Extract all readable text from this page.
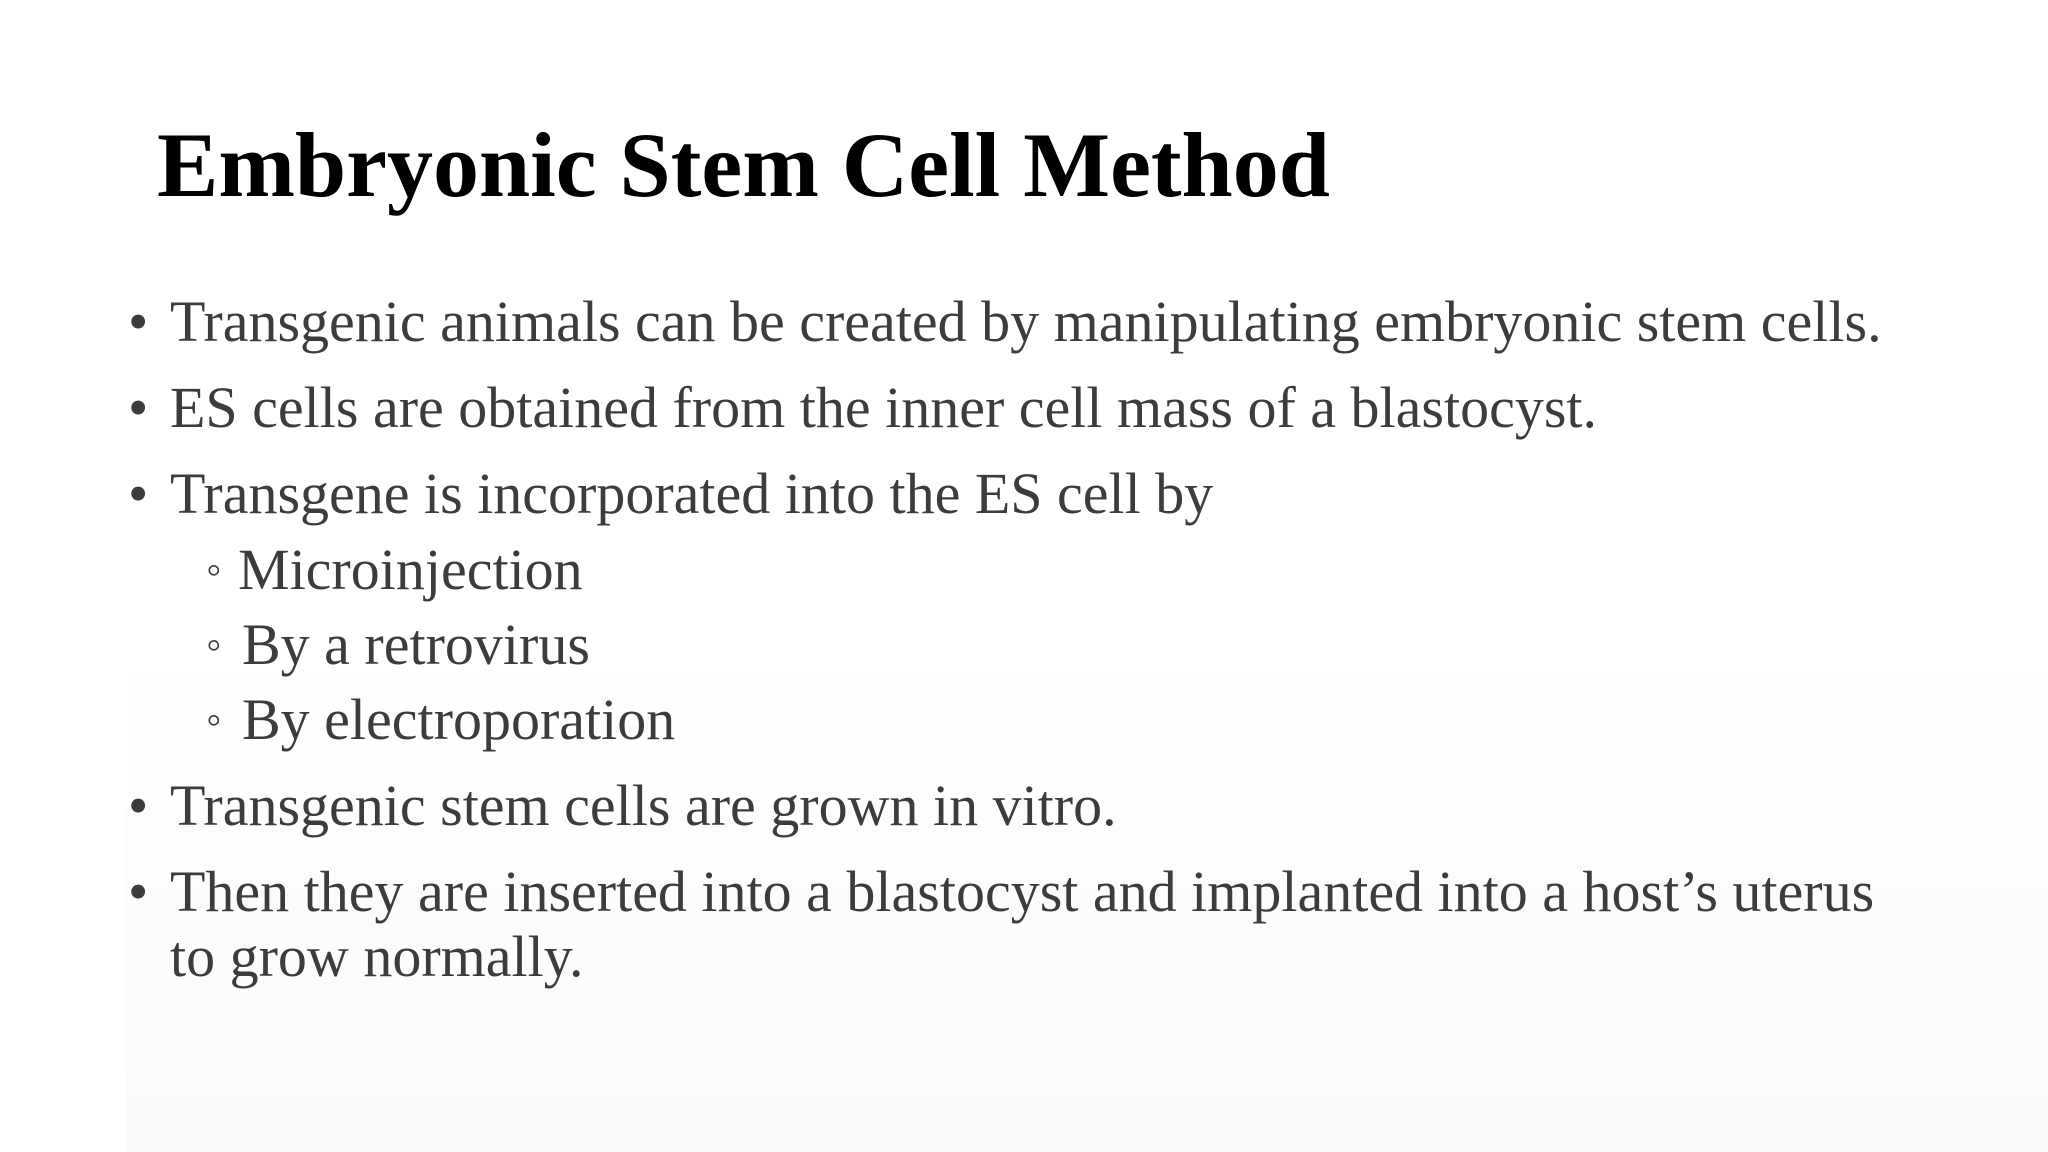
Embryonic Stem Cell Method
• Transgenic animals can be created by manipulating embryonic stem cells.
• ES cells are obtained from the inner cell mass of a blastocyst.
• Transgene is incorporated into the ES cell by
◦ Microinjection
◦ By a retrovirus
◦ By electroporation
• Transgenic stem cells are grown in vitro.
• Then they are inserted into a blastocyst and implanted into a host’s uterus
to grow normally.
